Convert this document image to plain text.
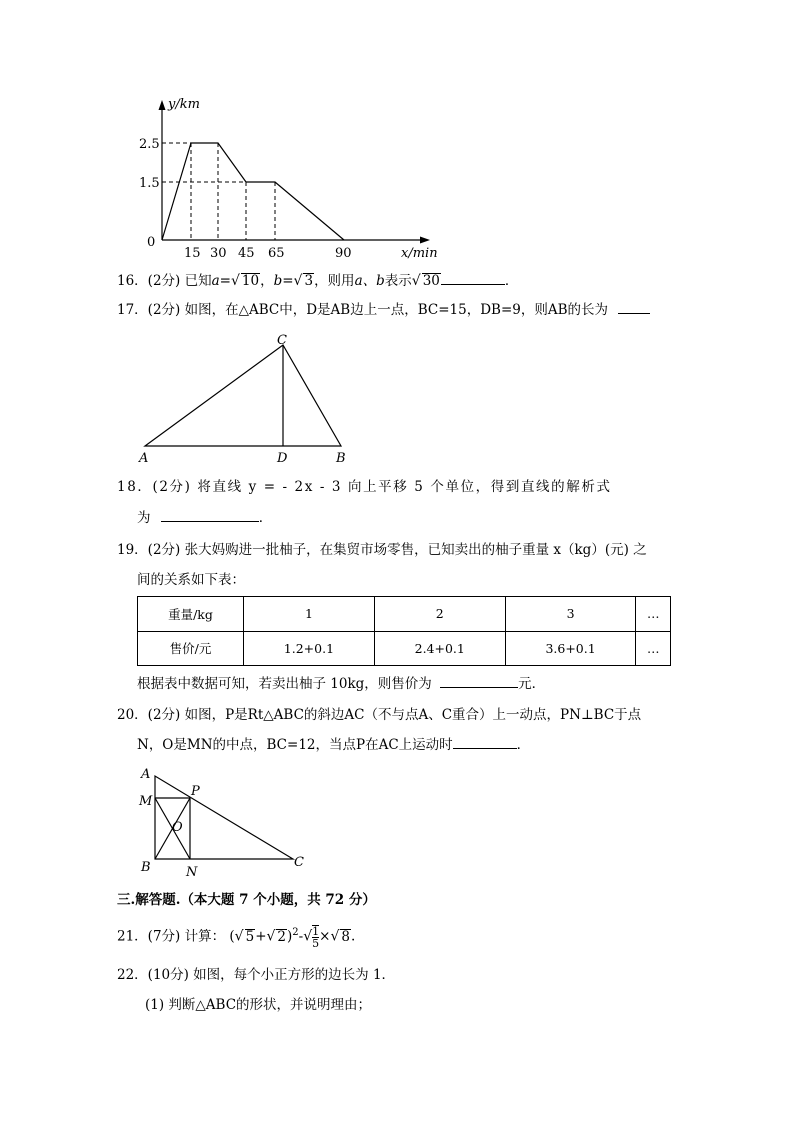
y/km
2.5
1.5
0
15 30 45 65	90	x/min
16．(2分) 已知a=√ 10，b=√ 3，则用a、b表示√ 30	．
17．(2分) 如图，在△ABC中，D是AB边上一点，BC=15，DB=9，则AB的长为
C
A	D	B
18．(2分) 将直线 y = - 2x - 3 向上平移 5 个单位，得到直线的解析式
为	．
19．(2分) 张大妈购进一批柚子，在集贸市场零售，已知卖出的柚子重量 x（kg）(元) 之
间的关系如下表：
重量/kg	1	2	3	…
售价/元	1.2+0.1	2.4+0.1	3.6+0.1	…
根据表中数据可知，若卖出柚子 10kg，则售价为	元．
20．(2分) 如图，P是Rt△ABC的斜边AC（不与点A、C重合）上一动点，PN⊥BC于点
N，O是MN的中点，BC=12，当点P在AC上运动时	．
A
M
P
O
B	N
C
三.解答题.（本大题 7 个小题，共 72 分）
21．(7分) 计算： (√ 5+√ $2)^2-√ \frac{1}{5}$ ×√ 8.
22．(10分) 如图，每个小正方形的边长为 1．
(1) 判断△ABC的形状，并说明理由；
